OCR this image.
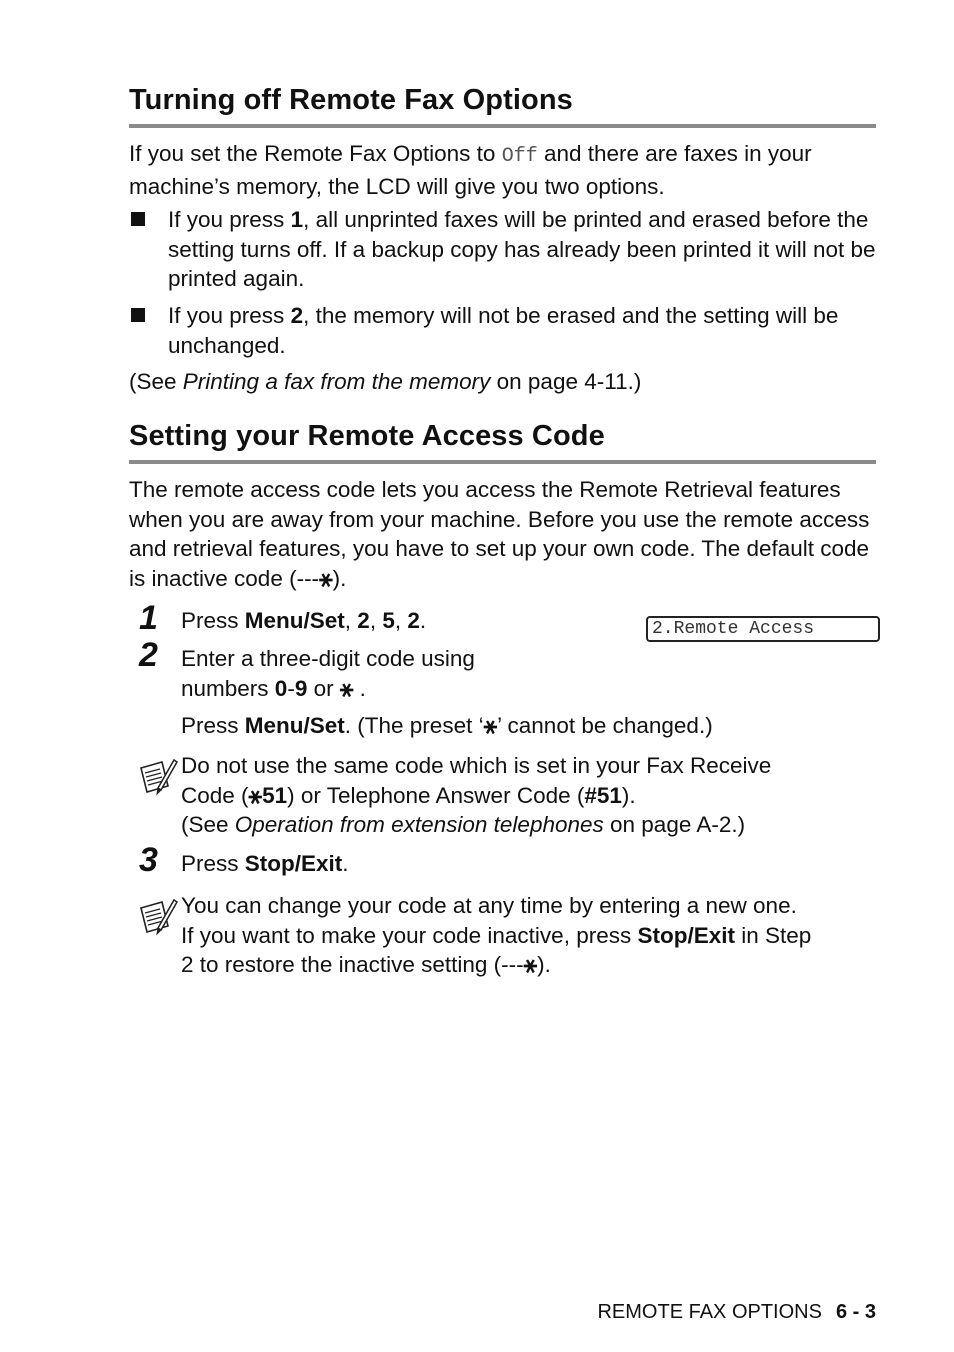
Turning off Remote Fax Options

If you set the Remote Fax Options to Off and there are faxes in your machine’s memory, the LCD will give you two options.

If you press 1, all unprinted faxes will be printed and erased before the setting turns off. If a backup copy has already been printed it will not be printed again.

If you press 2, the memory will not be erased and the setting will be unchanged.

(See Printing a fax from the memory on page 4-11.)

Setting your Remote Access Code

The remote access code lets you access the Remote Retrieval features when you are away from your machine. Before you use the remote access and retrieval features, you have to set up your own code. The default code is inactive code (---⚹).

1 Press Menu/Set, 2, 5, 2.	2.Remote Access
2 Enter a three-digit code using

numbers 0-9 or ⚹ .

Press Menu/Set. (The preset ‘⚹’ cannot be changed.)

Do not use the same code which is set in your Fax Receive

Code (⚹51) or Telephone Answer Code (#51).

(See Operation from extension telephones on page A-2.)

3 Press Stop/Exit.

You can change your code at any time by entering a new one.

If you want to make your code inactive, press Stop/Exit in Step

2 to restore the inactive setting (---⚹).

REMOTE FAX OPTIONS 6 - 3
